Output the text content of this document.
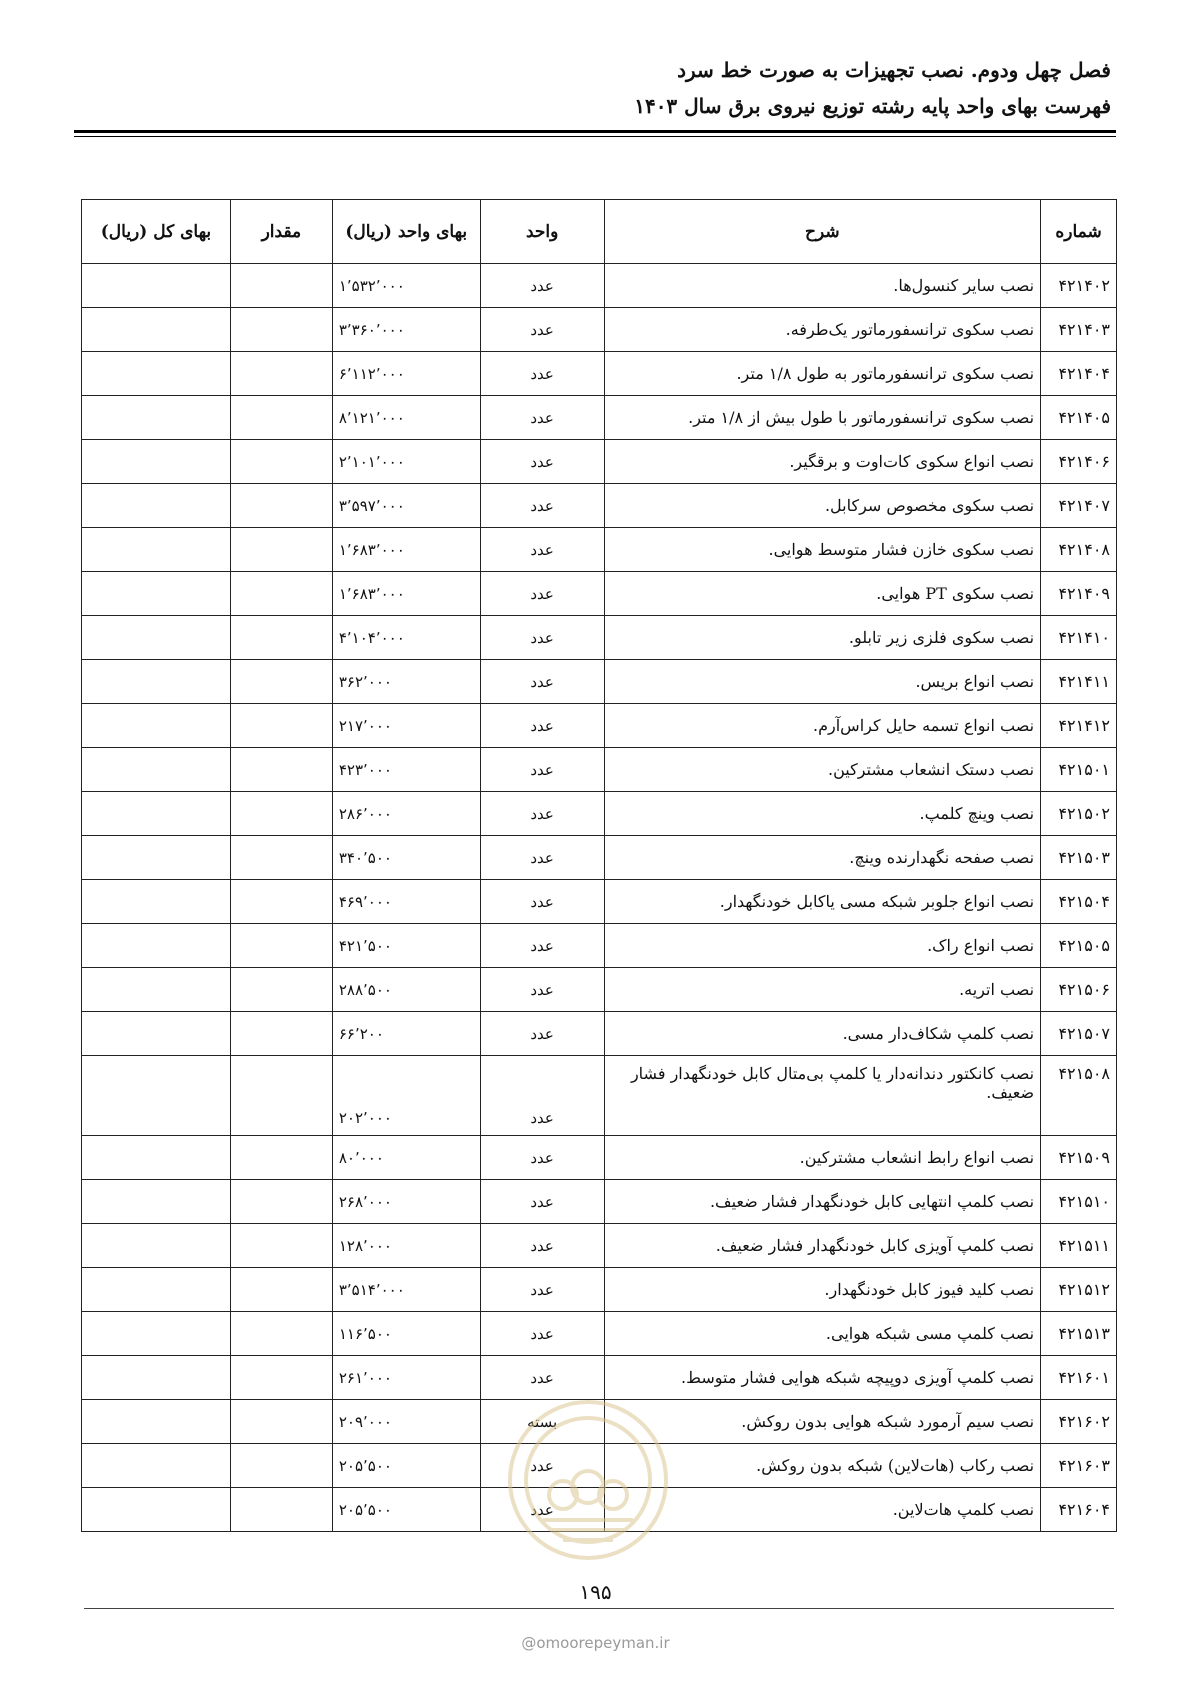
فصل چهل ودوم. نصب تجهیزات به صورت خط سرد
فهرست بهای واحد پایه رشته توزیع نیروی برق سال ۱۴۰۳
شماره	شرح	واحد	بهای واحد (ریال)	مقدار	بهای کل (ریال)
۴۲۱۴۰۲	نصب سایر کنسول‌ها.	عدد	۱٬۵۳۲٬۰۰۰		
۴۲۱۴۰۳	نصب سکوی ترانسفورماتور یک‌طرفه.	عدد	۳٬۳۶۰٬۰۰۰		
۴۲۱۴۰۴	نصب سکوی ترانسفورماتور به طول ۱/۸ متر.	عدد	۶٬۱۱۲٬۰۰۰		
۴۲۱۴۰۵	نصب سکوی ترانسفورماتور با طول بیش از ۱/۸ متر.	عدد	۸٬۱۲۱٬۰۰۰		
۴۲۱۴۰۶	نصب انواع سکوی کات‌اوت و برقگیر.	عدد	۲٬۱۰۱٬۰۰۰		
۴۲۱۴۰۷	نصب سکوی مخصوص سرکابل.	عدد	۳٬۵۹۷٬۰۰۰		
۴۲۱۴۰۸	نصب سکوی خازن فشار متوسط هوایی.	عدد	۱٬۶۸۳٬۰۰۰		
۴۲۱۴۰۹	نصب سکوی PT هوایی.	عدد	۱٬۶۸۳٬۰۰۰		
۴۲۱۴۱۰	نصب سکوی فلزی زیر تابلو.	عدد	۴٬۱۰۴٬۰۰۰		
۴۲۱۴۱۱	نصب انواع بریس.	عدد	۳۶۲٬۰۰۰		
۴۲۱۴۱۲	نصب انواع تسمه حایل کراس‌آرم.	عدد	۲۱۷٬۰۰۰		
۴۲۱۵۰۱	نصب دستک انشعاب مشترکین.	عدد	۴۲۳٬۰۰۰		
۴۲۱۵۰۲	نصب وینچ کلمپ.	عدد	۲۸۶٬۰۰۰		
۴۲۱۵۰۳	نصب صفحه نگهدارنده وینچ.	عدد	۳۴۰٬۵۰۰		
۴۲۱۵۰۴	نصب انواع جلوبر شبکه مسی یاکابل خودنگهدار.	عدد	۴۶۹٬۰۰۰		
۴۲۱۵۰۵	نصب انواع راک.	عدد	۴۲۱٬۵۰۰		
۴۲۱۵۰۶	نصب اتریه.	عدد	۲۸۸٬۵۰۰		
۴۲۱۵۰۷	نصب کلمپ شکاف‌دار مسی.	عدد	۶۶٬۲۰۰		
۴۲۱۵۰۸	نصب کانکتور دندانه‌دار یا کلمپ بی‌متال کابل خودنگهدار فشار ضعیف.	عدد	۲۰۲٬۰۰۰		
۴۲۱۵۰۹	نصب انواع رابط انشعاب مشترکین.	عدد	۸۰٬۰۰۰		
۴۲۱۵۱۰	نصب کلمپ انتهایی کابل خودنگهدار فشار ضعیف.	عدد	۲۶۸٬۰۰۰		
۴۲۱۵۱۱	نصب کلمپ آویزی کابل خودنگهدار فشار ضعیف.	عدد	۱۲۸٬۰۰۰		
۴۲۱۵۱۲	نصب کلید فیوز کابل خودنگهدار.	عدد	۳٬۵۱۴٬۰۰۰		
۴۲۱۵۱۳	نصب کلمپ مسی شبکه هوایی.	عدد	۱۱۶٬۵۰۰		
۴۲۱۶۰۱	نصب کلمپ آویزی دوپیچه شبکه هوایی فشار متوسط.	عدد	۲۶۱٬۰۰۰		
۴۲۱۶۰۲	نصب سیم آرمورد شبکه هوایی بدون روکش.	بسته	۲۰۹٬۰۰۰		
۴۲۱۶۰۳	نصب رکاب (هات‌لاین) شبکه بدون روکش.	عدد	۲۰۵٬۵۰۰		
۴۲۱۶۰۴	نصب کلمپ هات‌لاین.	عدد	۲۰۵٬۵۰۰		
۱۹۵
@omoorepeyman.ir
